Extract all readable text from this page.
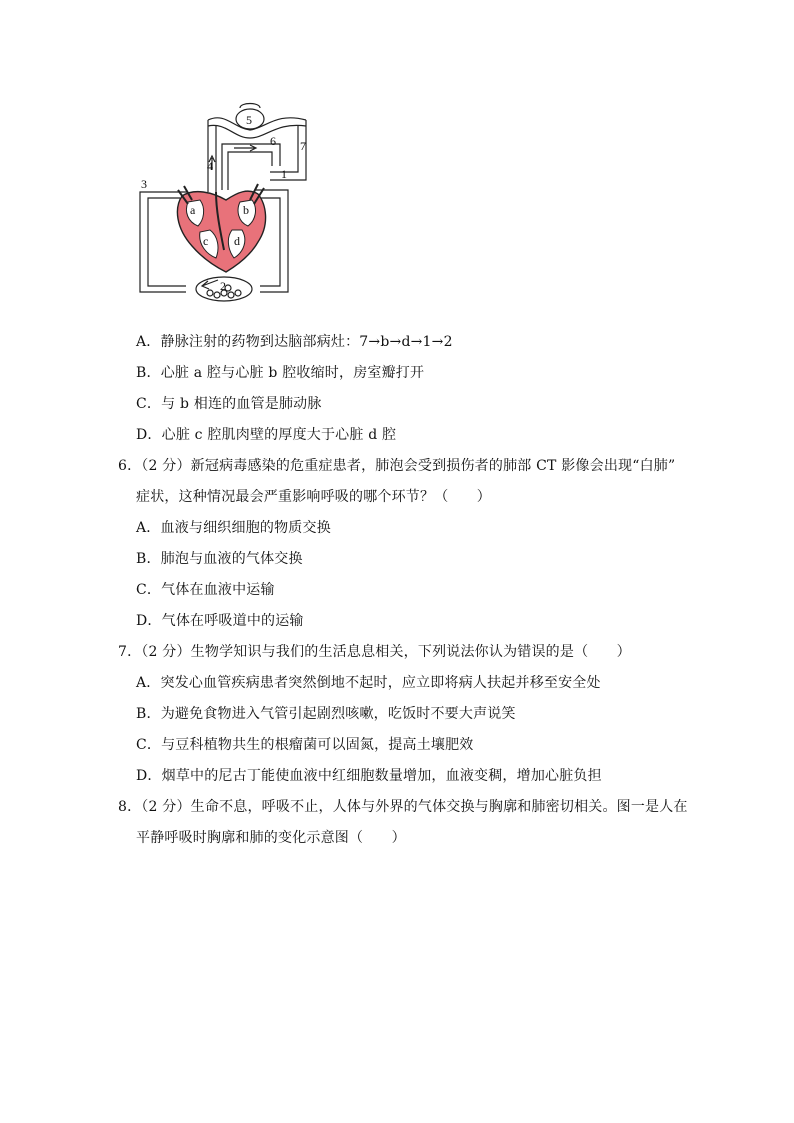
5
6 7
4
1
3
a	b
c d
2
A．静脉注射的药物到达脑部病灶：7→b→d→1→2
B．心脏 a 腔与心脏 b 腔收缩时，房室瓣打开
C．与 b 相连的血管是肺动脉
D．心脏 c 腔肌肉壁的厚度大于心脏 d 腔
6．（2 分）新冠病毒感染的危重症患者，肺泡会受到损伤者的肺部 CT 影像会出现“白肺”
症状，这种情况最会严重影响呼吸的哪个环节？（　　）
A．血液与细织细胞的物质交换
B．肺泡与血液的气体交换
C．气体在血液中运输
D．气体在呼吸道中的运输
7．（2 分）生物学知识与我们的生活息息相关，下列说法你认为错误的是（　　）
A．突发心血管疾病患者突然倒地不起时，应立即将病人扶起并移至安全处
B．为避免食物进入气管引起剧烈咳嗽，吃饭时不要大声说笑
C．与豆科植物共生的根瘤菌可以固氮，提高土壤肥效
D．烟草中的尼古丁能使血液中红细胞数量增加，血液变稠，增加心脏负担
8．（2 分）生命不息，呼吸不止，人体与外界的气体交换与胸廓和肺密切相关。图一是人在
平静呼吸时胸廓和肺的变化示意图（　　）
